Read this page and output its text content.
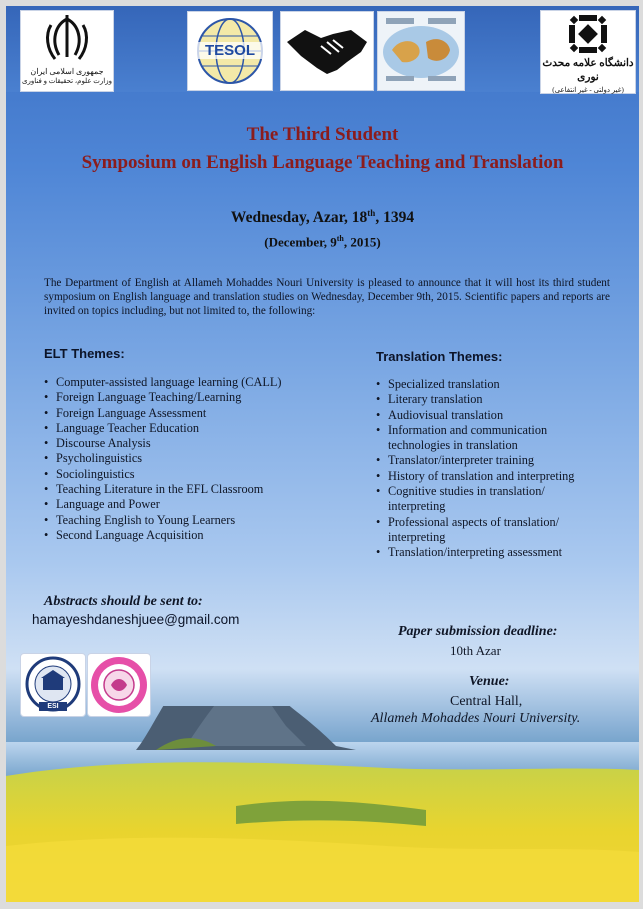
جمهوری اسلامی ایران
وزارت علوم، تحقیقات و فناوری
TESOL
دانشگاه علامه محدث نوری
(غیر دولتی - غیر انتفاعی)
The Third Student
Symposium on English Language Teaching and Translation
Wednesday, Azar, 18th, 1394
(December, 9th, 2015)
The Department of English at Allameh Mohaddes Nouri University is pleased to announce that it will host its third student symposium on English language and translation studies on Wednesday, December 9th, 2015. Scientific papers and reports are invited on topics including, but not limited to, the following:
ELT Themes:
• Computer-assisted language learning (CALL)
• Foreign Language Teaching/Learning
• Foreign Language Assessment
• Language Teacher Education
• Discourse Analysis
• Psycholinguistics
• Sociolinguistics
• Teaching Literature in the EFL Classroom
• Language and Power
• Teaching English to Young Learners
• Second Language Acquisition
Translation Themes:
• Specialized translation
• Literary translation
• Audiovisual translation
• Information and communication technologies in translation
• Translator/interpreter training
• History of translation and interpreting
• Cognitive studies in translation/ interpreting
• Professional aspects of translation/ interpreting
• Translation/interpreting assessment
Abstracts should be sent to:
hamayeshdaneshjuee@gmail.com
Paper submission deadline:
10th Azar
Venue:
Central Hall,
Allameh Mohaddes Nouri University.
ESI
